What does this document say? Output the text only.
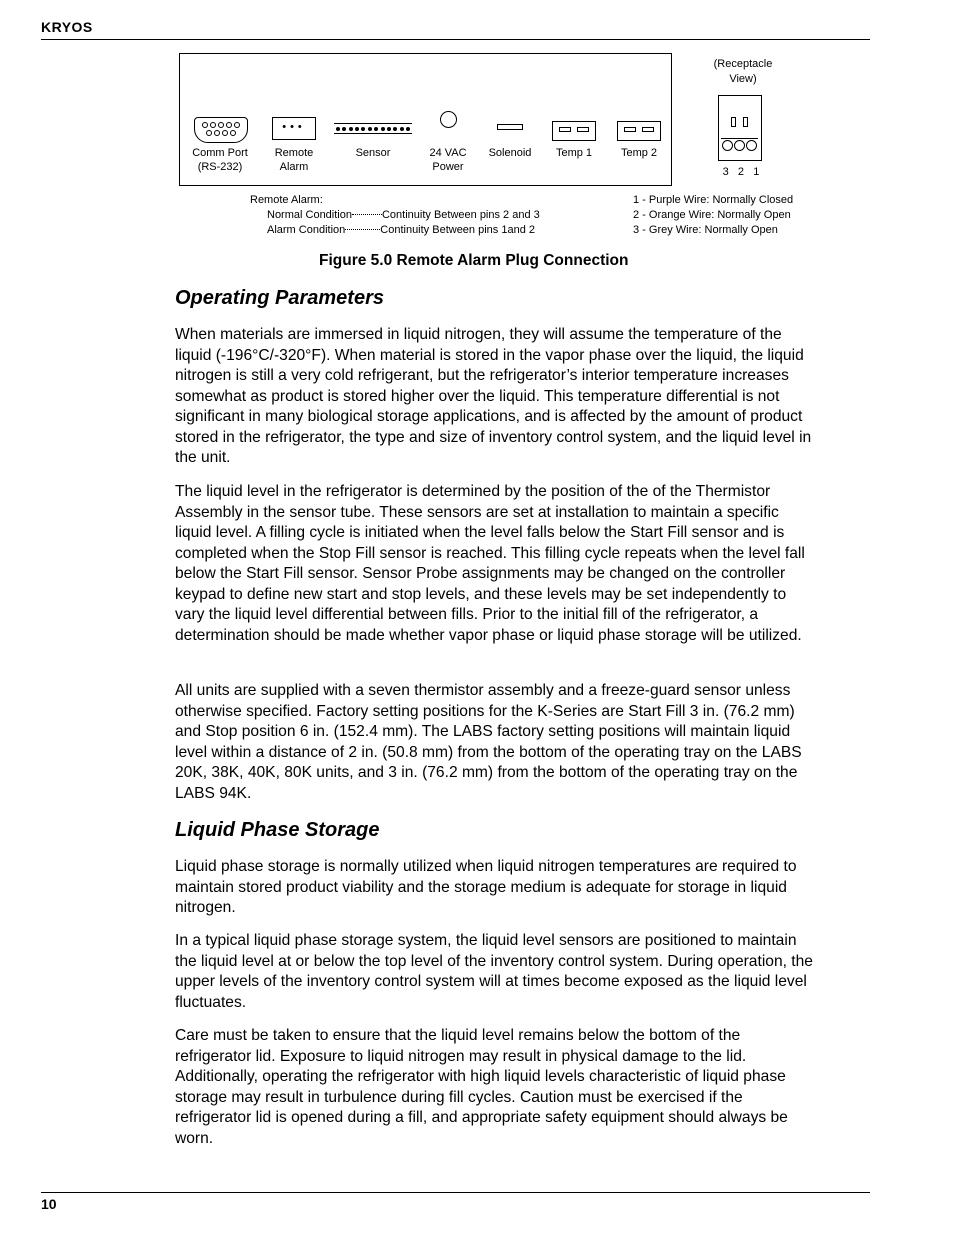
KRYOS
Comm Port
(RS-232)
•••
Remote
Alarm
Sensor	24 VAC
Power
Solenoid	Temp 1	Temp 2
(Receptacle
View)
3 2 1
Remote Alarm:
Normal Condition	Continuity Between pins 2 and 3
Alarm Condition	Continuity Between pins 1and 2
1 - Purple Wire: Normally Closed
2 - Orange Wire: Normally Open
3 - Grey Wire: Normally Open
Figure 5.0 Remote Alarm Plug Connection
Operating Parameters

When materials are immersed in liquid nitrogen, they will assume the temperature of the liquid (-196°C/-320°F). When material is stored in the vapor phase over the liquid, the liquid nitrogen is still a very cold refrigerant, but the refrigerator’s interior temperature increases somewhat as product is stored higher over the liquid. This temperature differential is not significant in many biological storage applications, and is affected by the amount of product stored in the refrigerator, the type and size of inventory control system, and the liquid level in the unit.

The liquid level in the refrigerator is determined by the position of the of the Thermistor Assembly in the sensor tube. These sensors are set at installation to maintain a specific liquid level. A filling cycle is initiated when the level falls below the Start Fill sensor and is completed when the Stop Fill sensor is reached. This filling cycle repeats when the level fall below the Start Fill sensor. Sensor Probe assignments may be changed on the controller keypad to define new start and stop levels, and these levels may be set independently to vary the liquid level differential between fills. Prior to the initial fill of the refrigerator, a determination should be made whether vapor phase or liquid phase storage will be utilized.

All units are supplied with a seven thermistor assembly and a freeze-guard sensor unless otherwise specified. Factory setting positions for the K-Series are Start Fill 3 in. (76.2 mm) and Stop position 6 in. (152.4 mm). The LABS factory setting positions will maintain liquid level within a distance of 2 in. (50.8 mm) from the bottom of the operating tray on the LABS 20K, 38K, 40K, 80K units, and 3 in. (76.2 mm) from the bottom of the operating tray on the LABS 94K.

Liquid Phase Storage

Liquid phase storage is normally utilized when liquid nitrogen temperatures are required to maintain stored product viability and the storage medium is adequate for storage in liquid nitrogen.

In a typical liquid phase storage system, the liquid level sensors are positioned to maintain the liquid level at or below the top level of the inventory control system. During operation, the upper levels of the inventory control system will at times become exposed as the liquid level fluctuates.

Care must be taken to ensure that the liquid level remains below the bottom of the refrigerator lid. Exposure to liquid nitrogen may result in physical damage to the lid. Additionally, operating the refrigerator with high liquid levels characteristic of liquid phase storage may result in turbulence during fill cycles. Caution must be exercised if the refrigerator lid is opened during a fill, and appropriate safety equipment should always be worn.

10
